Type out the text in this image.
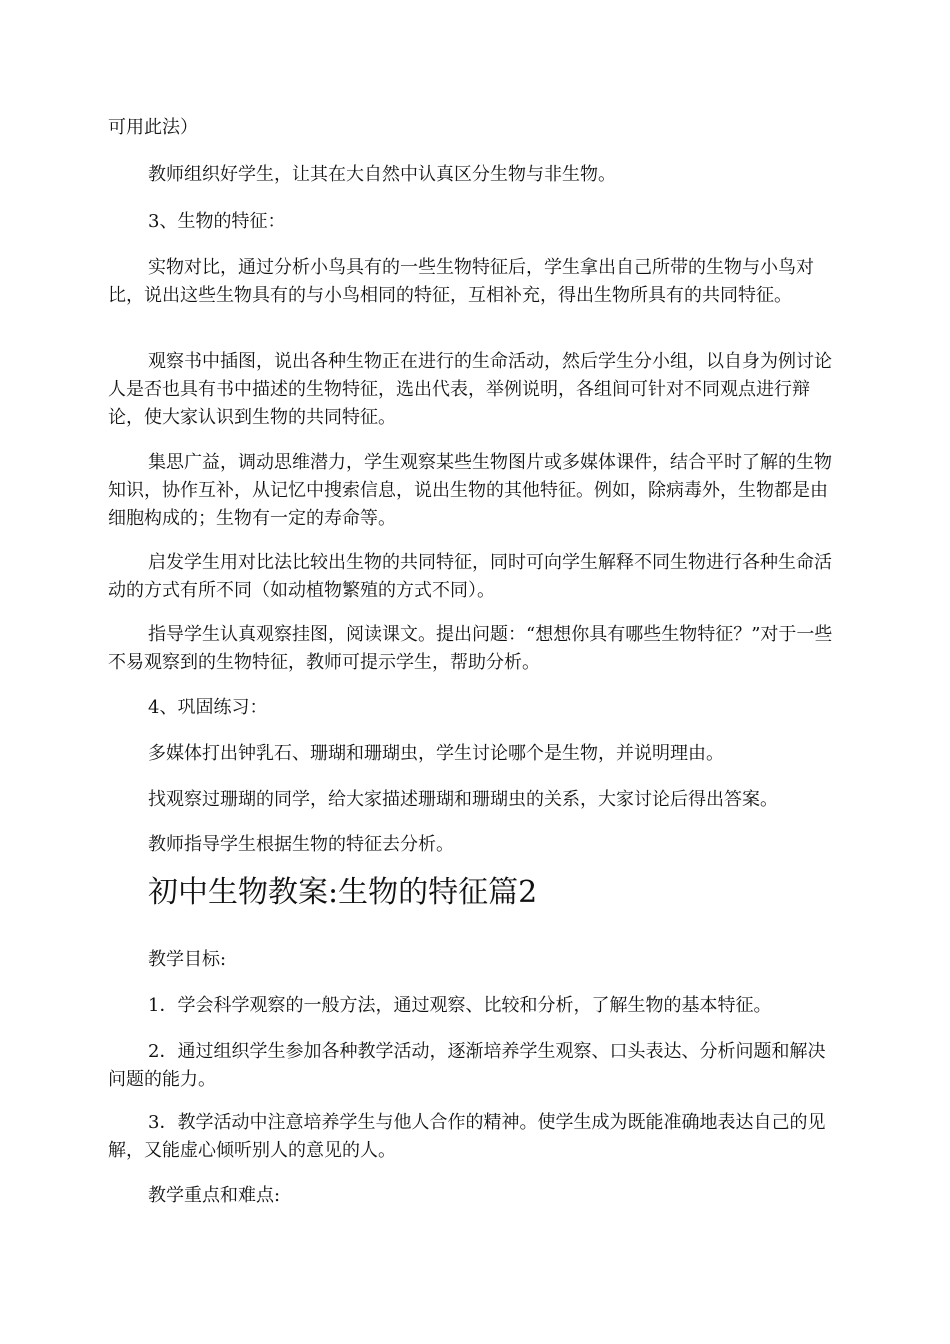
可用此法）

教师组织好学生，让其在大自然中认真区分生物与非生物。

3、生物的特征：

实物对比，通过分析小鸟具有的一些生物特征后，学生拿出自己所带的生物与小鸟对比，说出这些生物具有的与小鸟相同的特征，互相补充，得出生物所具有的共同特征。

观察书中插图，说出各种生物正在进行的生命活动，然后学生分小组，以自身为例讨论人是否也具有书中描述的生物特征，选出代表，举例说明，各组间可针对不同观点进行辩论，使大家认识到生物的共同特征。

集思广益，调动思维潜力，学生观察某些生物图片或多媒体课件，结合平时了解的生物知识，协作互补，从记忆中搜索信息，说出生物的其他特征。例如，除病毒外，生物都是由细胞构成的；生物有一定的寿命等。

启发学生用对比法比较出生物的共同特征，同时可向学生解释不同生物进行各种生命活动的方式有所不同（如动植物繁殖的方式不同）。

指导学生认真观察挂图，阅读课文。提出问题：“想想你具有哪些生物特征？”对于一些不易观察到的生物特征，教师可提示学生，帮助分析。

4、巩固练习：

多媒体打出钟乳石、珊瑚和珊瑚虫，学生讨论哪个是生物，并说明理由。

找观察过珊瑚的同学，给大家描述珊瑚和珊瑚虫的关系，大家讨论后得出答案。

教师指导学生根据生物的特征去分析。

初中生物教案:生物的特征篇2

教学目标:

1．学会科学观察的一般方法，通过观察、比较和分析，了解生物的基本特征。

2．通过组织学生参加各种教学活动，逐渐培养学生观察、口头表达、分析问题和解决问题的能力。

3．教学活动中注意培养学生与他人合作的精神。使学生成为既能准确地表达自己的见解，又能虚心倾听别人的意见的人。

教学重点和难点:
